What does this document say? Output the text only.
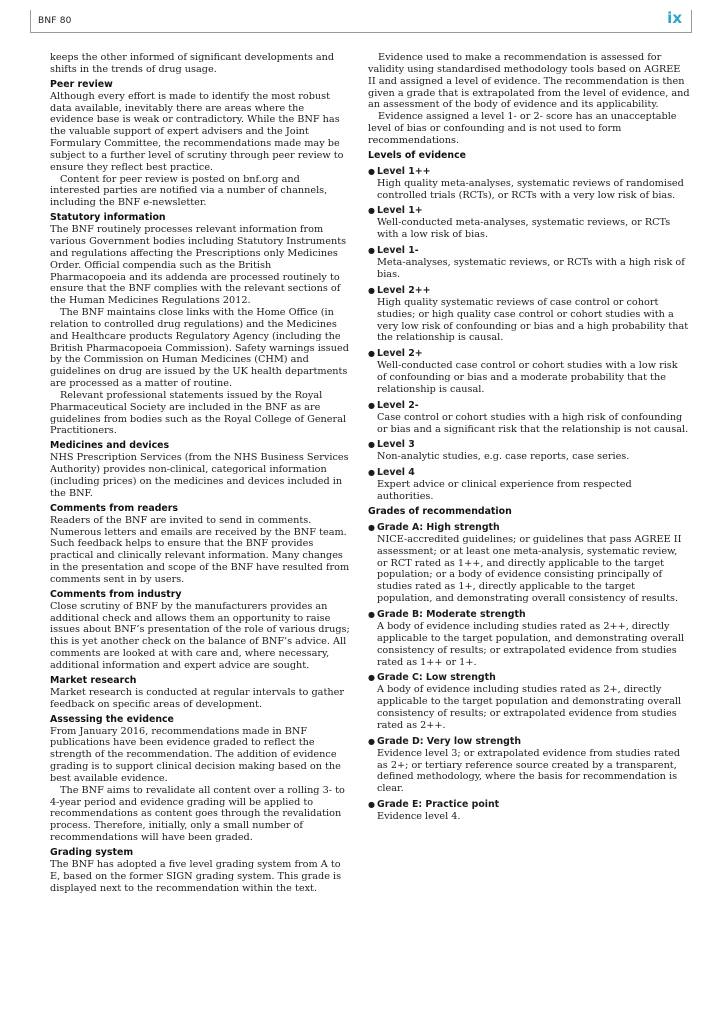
BNF 80	ix

keeps the other informed of significant developments and shifts in the trends of drug usage.

Peer review

Although every effort is made to identify the most robust data available, inevitably there are areas where the evidence base is weak or contradictory. While the BNF has the valuable support of expert advisers and the Joint Formulary Committee, the recommendations made may be subject to a further level of scrutiny through peer review to ensure they reflect best practice.

Content for peer review is posted on bnf.org and interested parties are notified via a number of channels, including the BNF e-newsletter.

Statutory information

The BNF routinely processes relevant information from various Government bodies including Statutory Instruments and regulations affecting the Prescriptions only Medicines Order. Official compendia such as the British Pharmacopoeia and its addenda are processed routinely to ensure that the BNF complies with the relevant sections of the Human Medicines Regulations 2012.

The BNF maintains close links with the Home Office (in relation to controlled drug regulations) and the Medicines and Healthcare products Regulatory Agency (including the British Pharmacopoeia Commission). Safety warnings issued by the Commission on Human Medicines (CHM) and guidelines on drug are issued by the UK health departments are processed as a matter of routine.

Relevant professional statements issued by the Royal Pharmaceutical Society are included in the BNF as are guidelines from bodies such as the Royal College of General Practitioners.

Medicines and devices

NHS Prescription Services (from the NHS Business Services Authority) provides non-clinical, categorical information (including prices) on the medicines and devices included in the BNF.

Comments from readers

Readers of the BNF are invited to send in comments. Numerous letters and emails are received by the BNF team. Such feedback helps to ensure that the BNF provides practical and clinically relevant information. Many changes in the presentation and scope of the BNF have resulted from comments sent in by users.

Comments from industry

Close scrutiny of BNF by the manufacturers provides an additional check and allows them an opportunity to raise issues about BNF’s presentation of the role of various drugs; this is yet another check on the balance of BNF’s advice. All comments are looked at with care and, where necessary, additional information and expert advice are sought.

Market research

Market research is conducted at regular intervals to gather feedback on specific areas of development.

Assessing the evidence

From January 2016, recommendations made in BNF publications have been evidence graded to reflect the strength of the recommendation. The addition of evidence grading is to support clinical decision making based on the best available evidence.

The BNF aims to revalidate all content over a rolling 3- to 4-year period and evidence grading will be applied to recommendations as content goes through the revalidation process. Therefore, initially, only a small number of recommendations will have been graded.

Grading system

The BNF has adopted a five level grading system from A to E, based on the former SIGN grading system. This grade is displayed next to the recommendation within the text.

Evidence used to make a recommendation is assessed for validity using standardised methodology tools based on AGREE II and assigned a level of evidence. The recommendation is then given a grade that is extrapolated from the level of evidence, and an assessment of the body of evidence and its applicability.

Evidence assigned a level 1- or 2- score has an unacceptable level of bias or confounding and is not used to form recommendations.

Levels of evidence
● Level 1++
High quality meta-analyses, systematic reviews of randomised controlled trials (RCTs), or RCTs with a very low risk of bias.
● Level 1+
Well-conducted meta-analyses, systematic reviews, or RCTs with a low risk of bias.
● Level 1-
Meta-analyses, systematic reviews, or RCTs with a high risk of bias.
● Level 2++
High quality systematic reviews of case control or cohort studies; or high quality case control or cohort studies with a very low risk of confounding or bias and a high probability that the relationship is causal.
● Level 2+
Well-conducted case control or cohort studies with a low risk of confounding or bias and a moderate probability that the relationship is causal.
● Level 2-
Case control or cohort studies with a high risk of confounding or bias and a significant risk that the relationship is not causal.
● Level 3
Non-analytic studies, e.g. case reports, case series.
● Level 4
Expert advice or clinical experience from respected authorities.
Grades of recommendation
● Grade A: High strength
NICE-accredited guidelines; or guidelines that pass AGREE II assessment; or at least one meta-analysis, systematic review, or RCT rated as 1++, and directly applicable to the target population; or a body of evidence consisting principally of studies rated as 1+, directly applicable to the target population, and demonstrating overall consistency of results.
● Grade B: Moderate strength
A body of evidence including studies rated as 2++, directly applicable to the target population, and demonstrating overall consistency of results; or extrapolated evidence from studies rated as 1++ or 1+.
● Grade C: Low strength
A body of evidence including studies rated as 2+, directly applicable to the target population and demonstrating overall consistency of results; or extrapolated evidence from studies rated as 2++.
● Grade D: Very low strength
Evidence level 3; or extrapolated evidence from studies rated as 2+; or tertiary reference source created by a transparent, defined methodology, where the basis for recommendation is clear.
● Grade E: Practice point
Evidence level 4.
